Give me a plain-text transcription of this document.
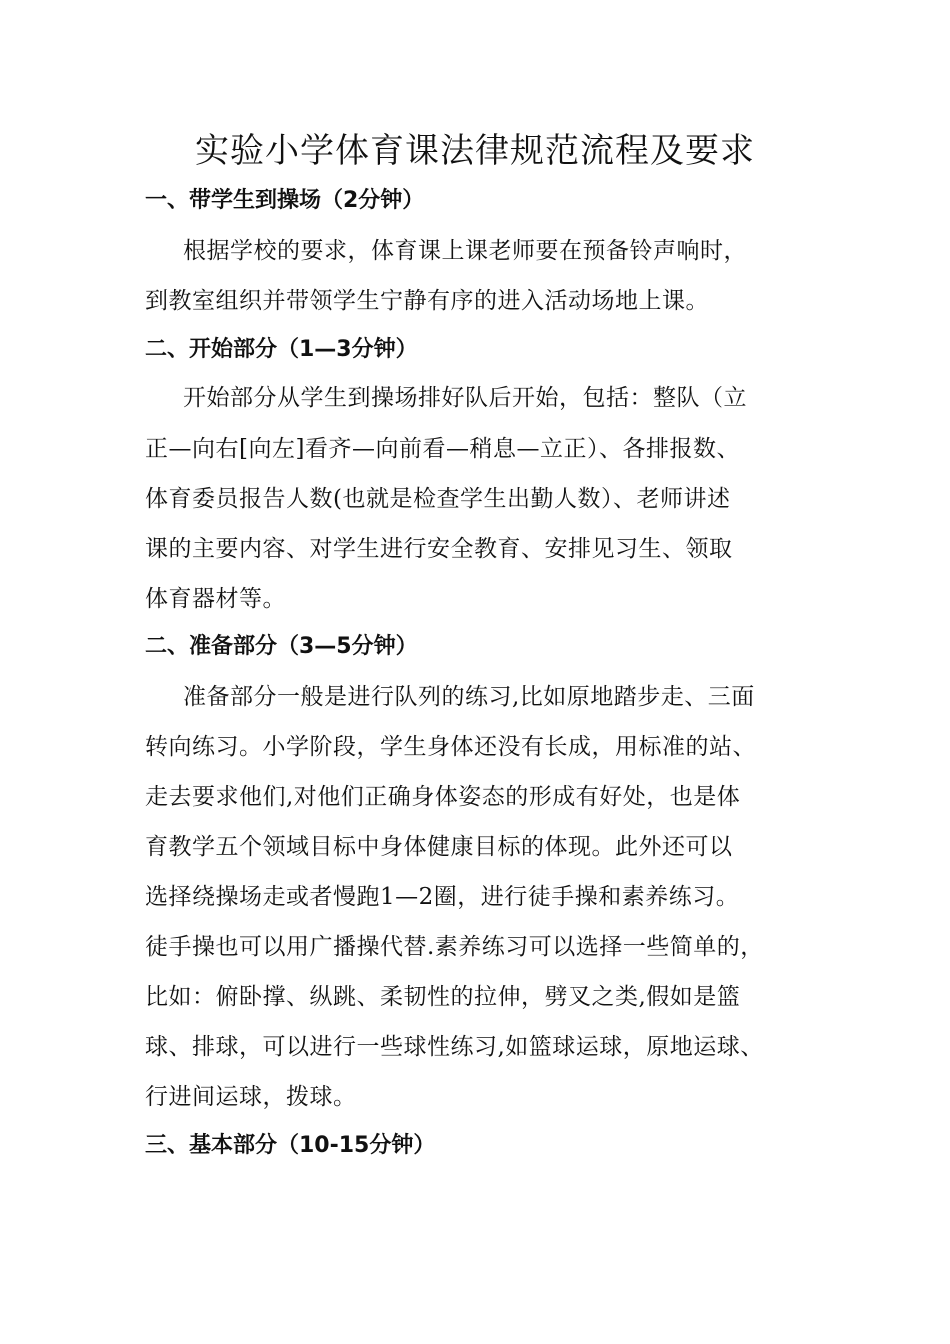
实验小学体育课法律规范流程及要求
一、带学生到操场（2分钟）
根据学校的要求，体育课上课老师要在预备铃声响时，
到教室组织并带领学生宁静有序的进入活动场地上课。
二、开始部分（1—3分钟）
开始部分从学生到操场排好队后开始，包括：整队（立
正—向右[向左]看齐—向前看—稍息—立正）、各排报数、
体育委员报告人数(也就是检查学生出勤人数）、老师讲述
课的主要内容、对学生进行安全教育、安排见习生、领取
体育器材等。
二、准备部分（3—5分钟）
准备部分一般是进行队列的练习,比如原地踏步走、三面
转向练习。小学阶段，学生身体还没有长成，用标准的站、
走去要求他们,对他们正确身体姿态的形成有好处，也是体
育教学五个领域目标中身体健康目标的体现。此外还可以
选择绕操场走或者慢跑1—2圈，进行徒手操和素养练习。
徒手操也可以用广播操代替.素养练习可以选择一些简单的，
比如：俯卧撑、纵跳、柔韧性的拉伸，劈叉之类,假如是篮
球、排球，可以进行一些球性练习,如篮球运球，原地运球、
行进间运球，拨球。
三、基本部分（10-15分钟）
